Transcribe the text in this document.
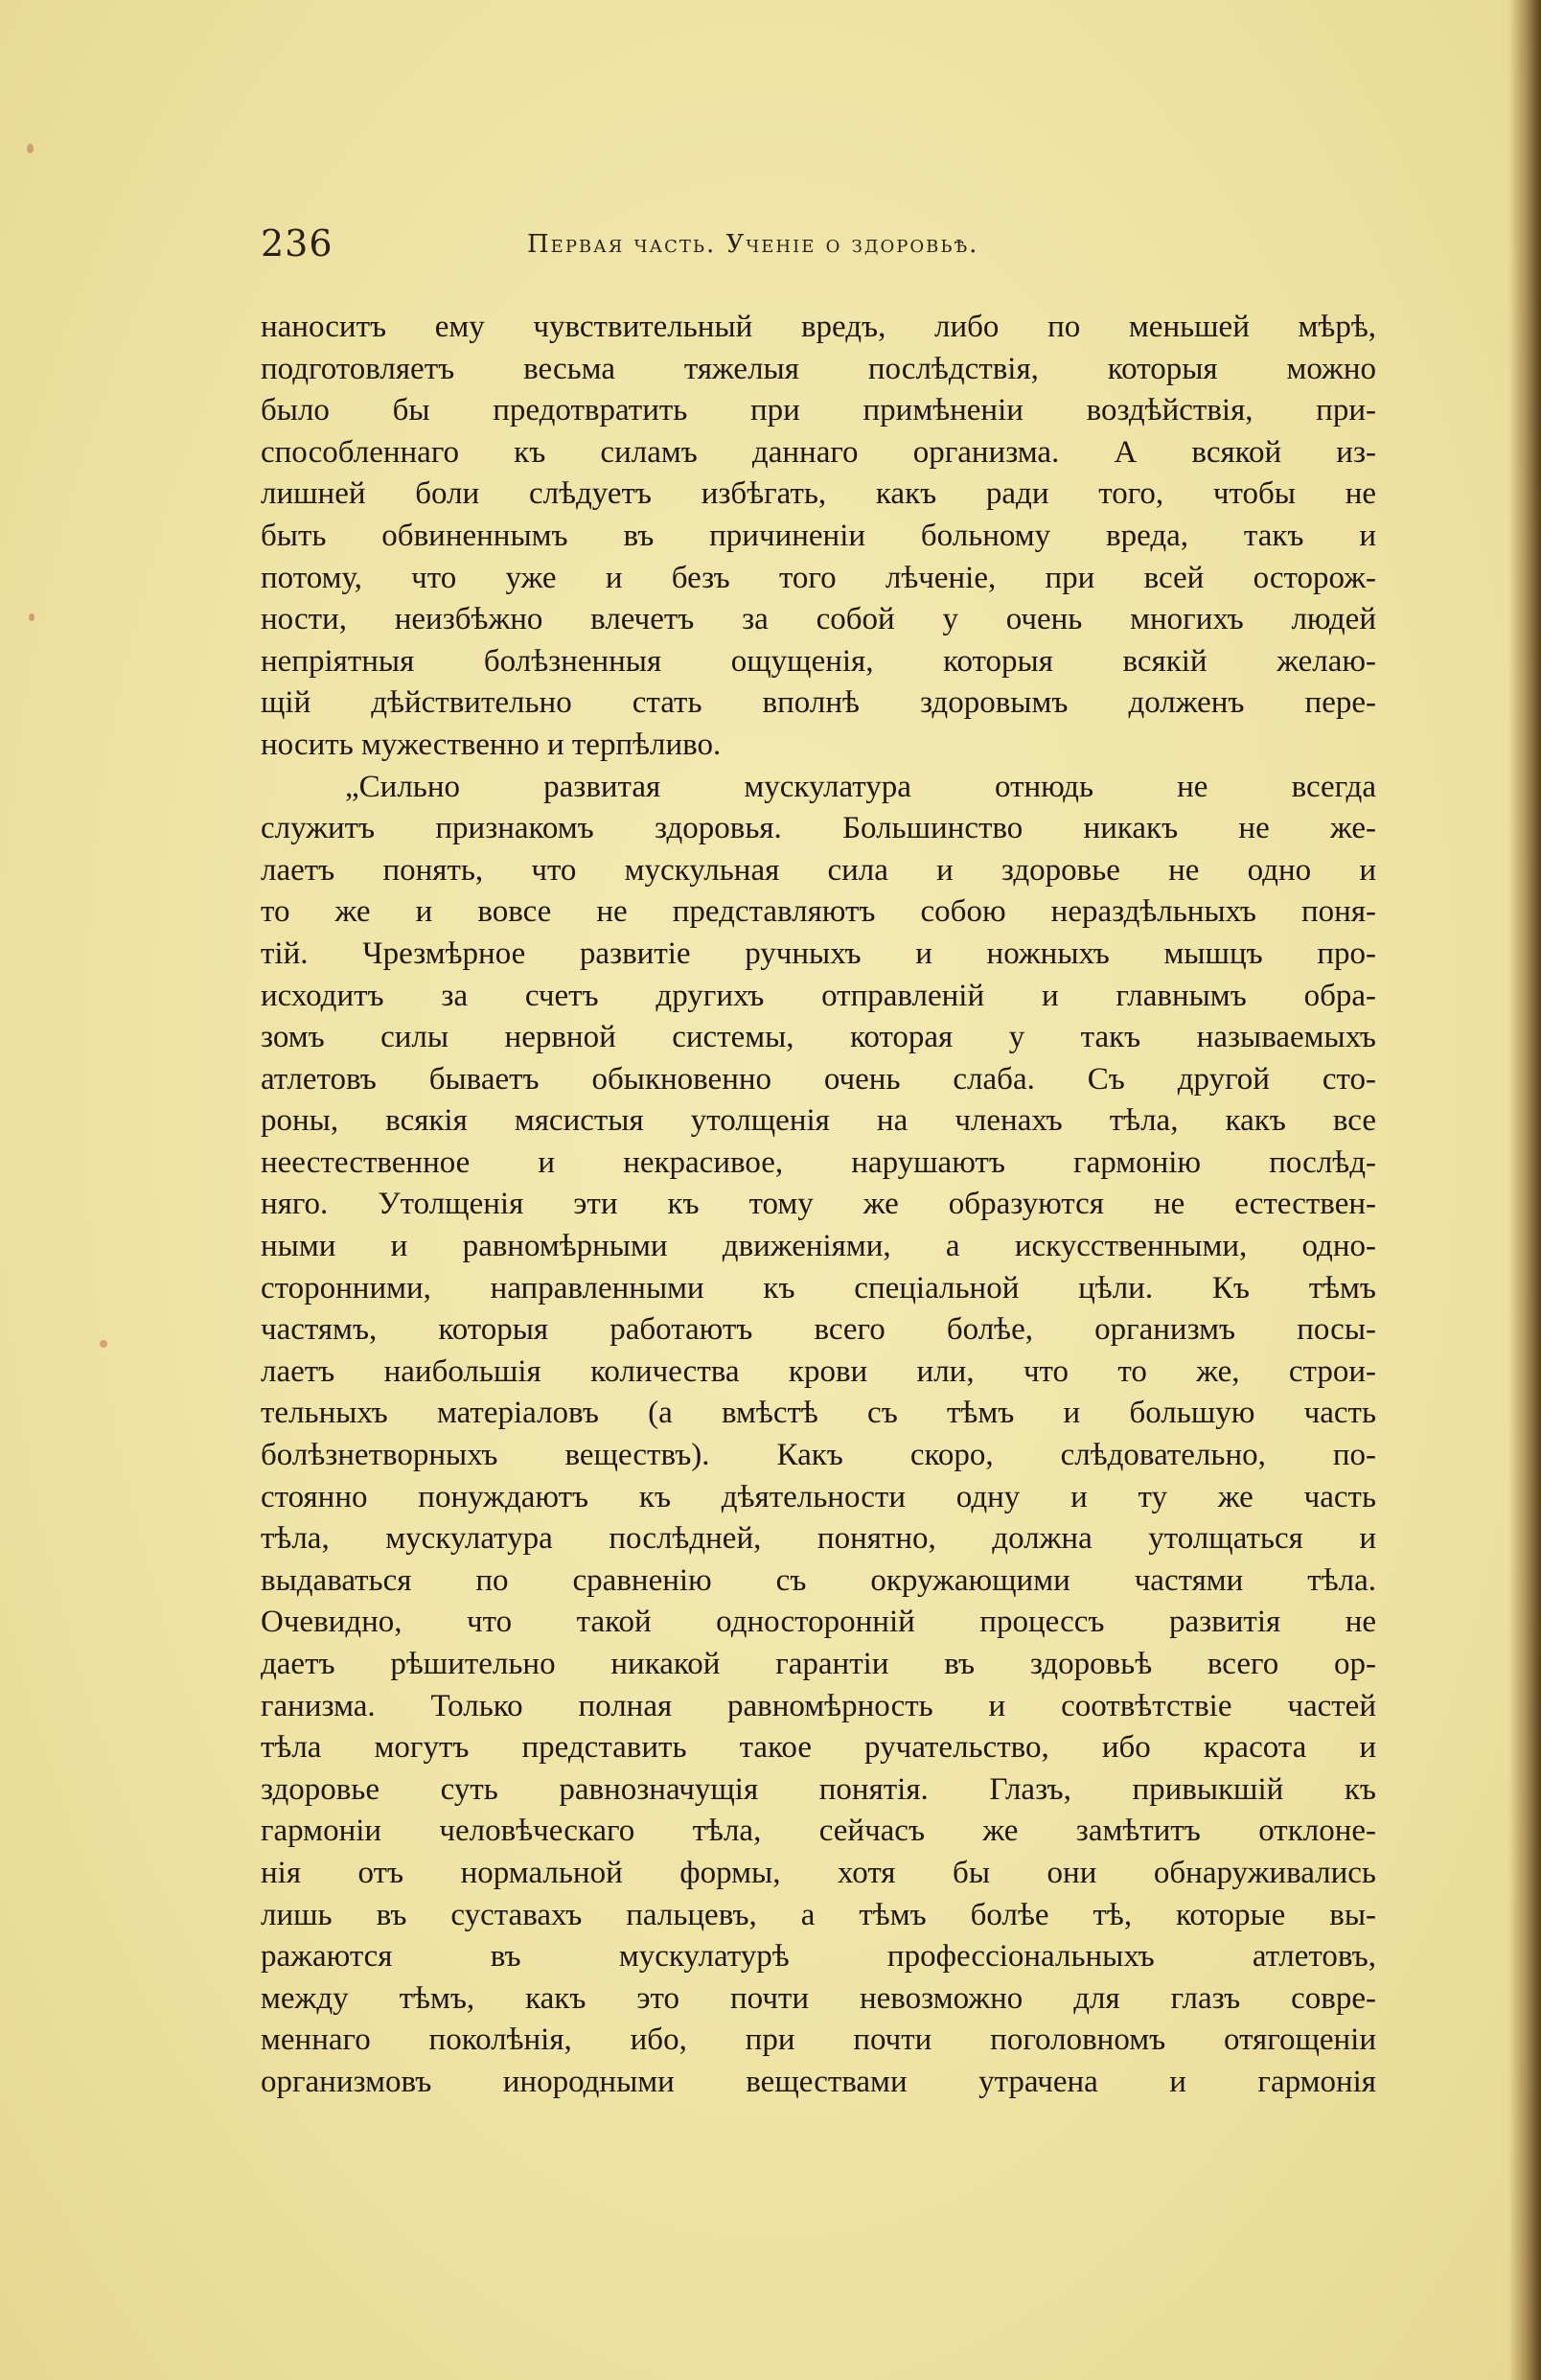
236	Первая часть. Ученіе о здоровьѣ.
наноситъ ему чувствительный вредъ, либо по меньшей мѣрѣ,
подготовляетъ весьма тяжелыя послѣдствія, которыя можно
было бы предотвратить при примѣненіи воздѣйствія, при-
способленнаго къ силамъ даннаго организма. А всякой из-
лишней боли слѣдуетъ избѣгать, какъ ради того, чтобы не
быть обвиненнымъ въ причиненіи больному вреда, такъ и
потому, что уже и безъ того лѣченіе, при всей осторож-
ности, неизбѣжно влечетъ за собой у очень многихъ людей
непріятныя болѣзненныя ощущенія, которыя всякій желаю-
щій дѣйствительно стать вполнѣ здоровымъ долженъ пере-
носить мужественно и терпѣливо.
„Сильно развитая мускулатура отнюдь не всегда
служитъ признакомъ здоровья. Большинство никакъ не же-
лаетъ понять, что мускульная сила и здоровье не одно и
то же и вовсе не представляютъ собою нераздѣльныхъ поня-
тій. Чрезмѣрное развитіе ручныхъ и ножныхъ мышцъ про-
исходитъ за счетъ другихъ отправленій и главнымъ обра-
зомъ силы нервной системы, которая у такъ называемыхъ
атлетовъ бываетъ обыкновенно очень слаба. Съ другой сто-
роны, всякія мясистыя утолщенія на членахъ тѣла, какъ все
неестественное и некрасивое, нарушаютъ гармонію послѣд-
няго. Утолщенія эти къ тому же образуются не естествен-
ными и равномѣрными движеніями, а искусственными, одно-
сторонними, направленными къ спеціальной цѣли. Къ тѣмъ
частямъ, которыя работаютъ всего болѣе, организмъ посы-
лаетъ наибольшія количества крови или, что то же, строи-
тельныхъ матеріаловъ (а вмѣстѣ съ тѣмъ и большую часть
болѣзнетворныхъ веществъ). Какъ скоро, слѣдовательно, по-
стоянно понуждаютъ къ дѣятельности одну и ту же часть
тѣла, мускулатура послѣдней, понятно, должна утолщаться и
выдаваться по сравненію съ окружающими частями тѣла.
Очевидно, что такой односторонній процессъ развитія не
даетъ рѣшительно никакой гарантіи въ здоровьѣ всего ор-
ганизма. Только полная равномѣрность и соотвѣтствіе частей
тѣла могутъ представить такое ручательство, ибо красота и
здоровье суть равнозначущія понятія. Глазъ, привыкшій къ
гармоніи человѣческаго тѣла, сейчасъ же замѣтитъ отклоне-
нія отъ нормальной формы, хотя бы они обнаруживались
лишь въ суставахъ пальцевъ, а тѣмъ болѣе тѣ, которые вы-
ражаются въ мускулатурѣ профессіональныхъ атлетовъ,
между тѣмъ, какъ это почти невозможно для глазъ совре-
меннаго поколѣнія, ибо, при почти поголовномъ отягощеніи
организмовъ инородными веществами утрачена и гармонія
